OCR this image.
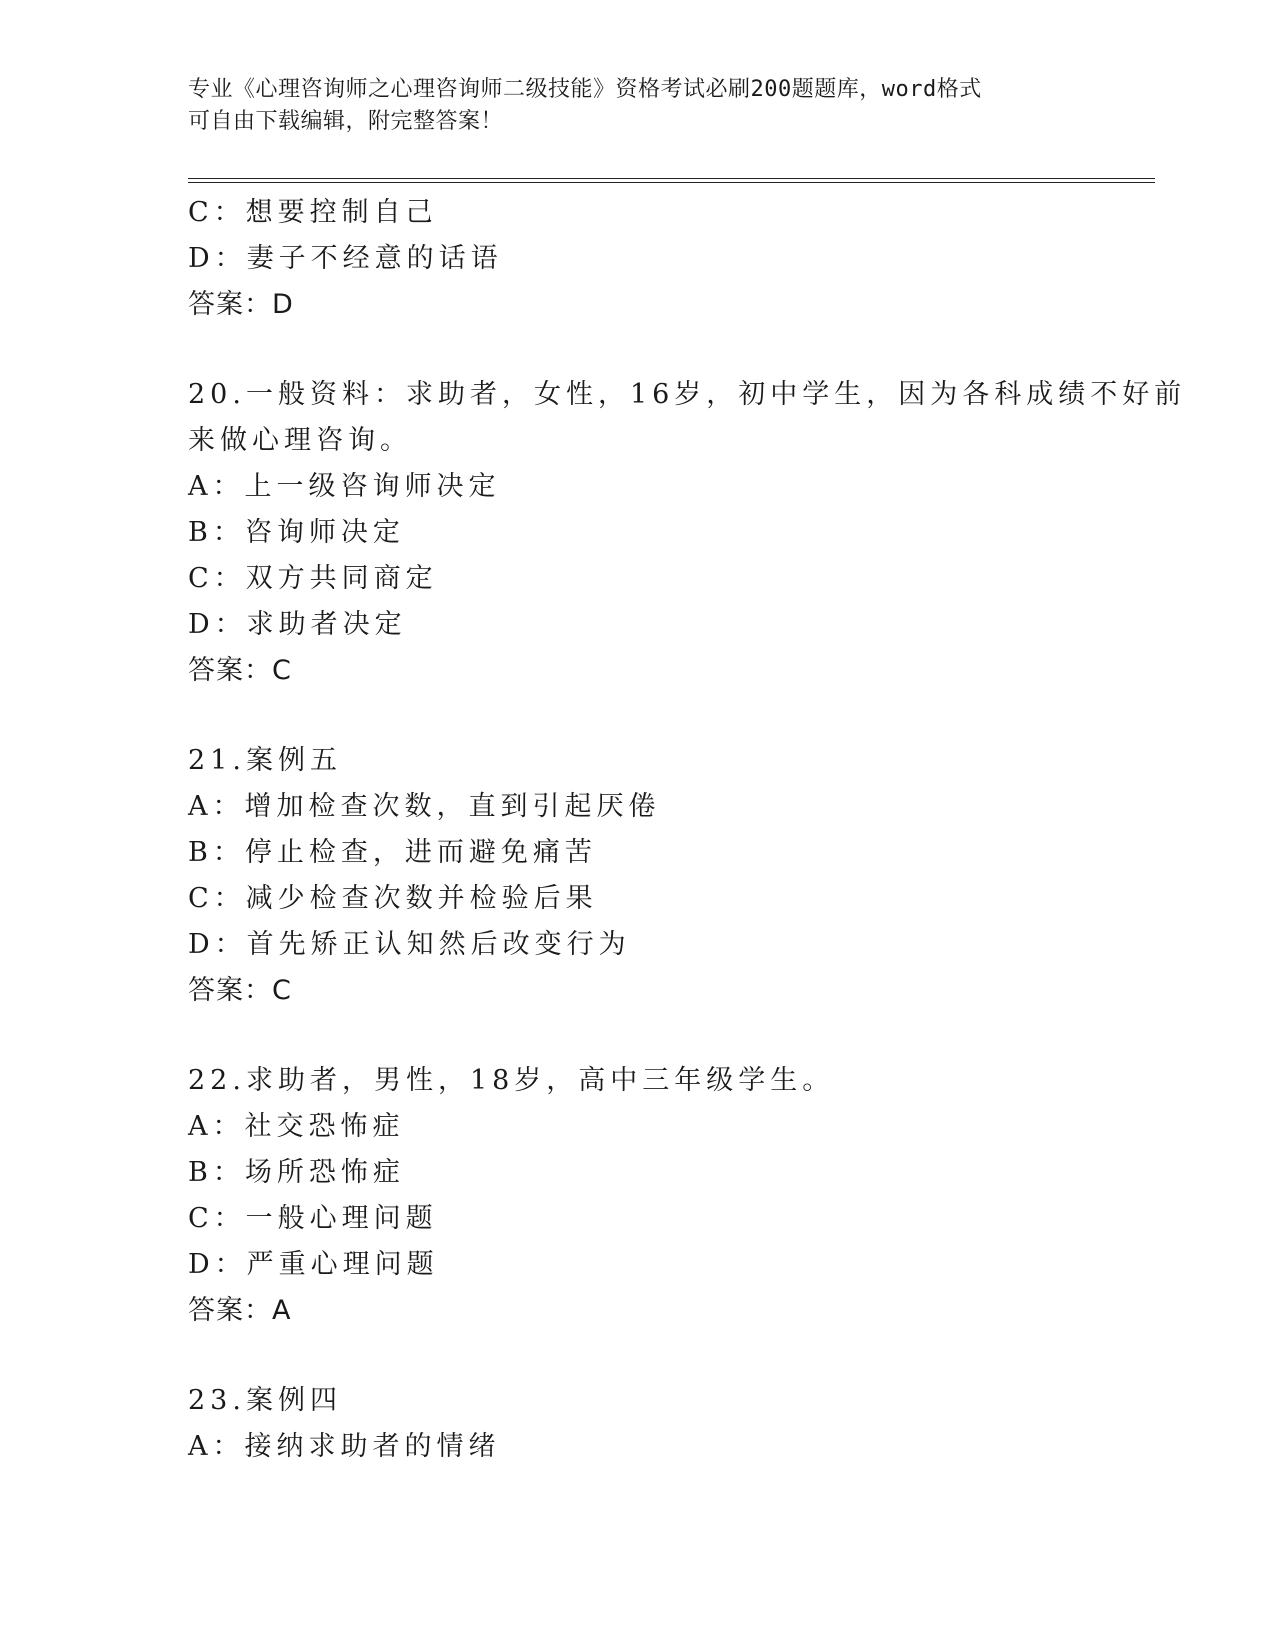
专业《心理咨询师之心理咨询师二级技能》资格考试必刷200题题库，word格式
可自由下载编辑，附完整答案！
C：想要控制自己
D：妻子不经意的话语
答案：D
20.一般资料：求助者，女性，16岁，初中学生，因为各科成绩不好前
来做心理咨询。
A：上一级咨询师决定
B：咨询师决定
C：双方共同商定
D：求助者决定
答案：C
21.案例五
A：增加检查次数，直到引起厌倦
B：停止检查，进而避免痛苦
C：减少检查次数并检验后果
D：首先矫正认知然后改变行为
答案：C
22.求助者，男性，18岁，高中三年级学生。
A：社交恐怖症
B：场所恐怖症
C：一般心理问题
D：严重心理问题
答案：A
23.案例四
A：接纳求助者的情绪
